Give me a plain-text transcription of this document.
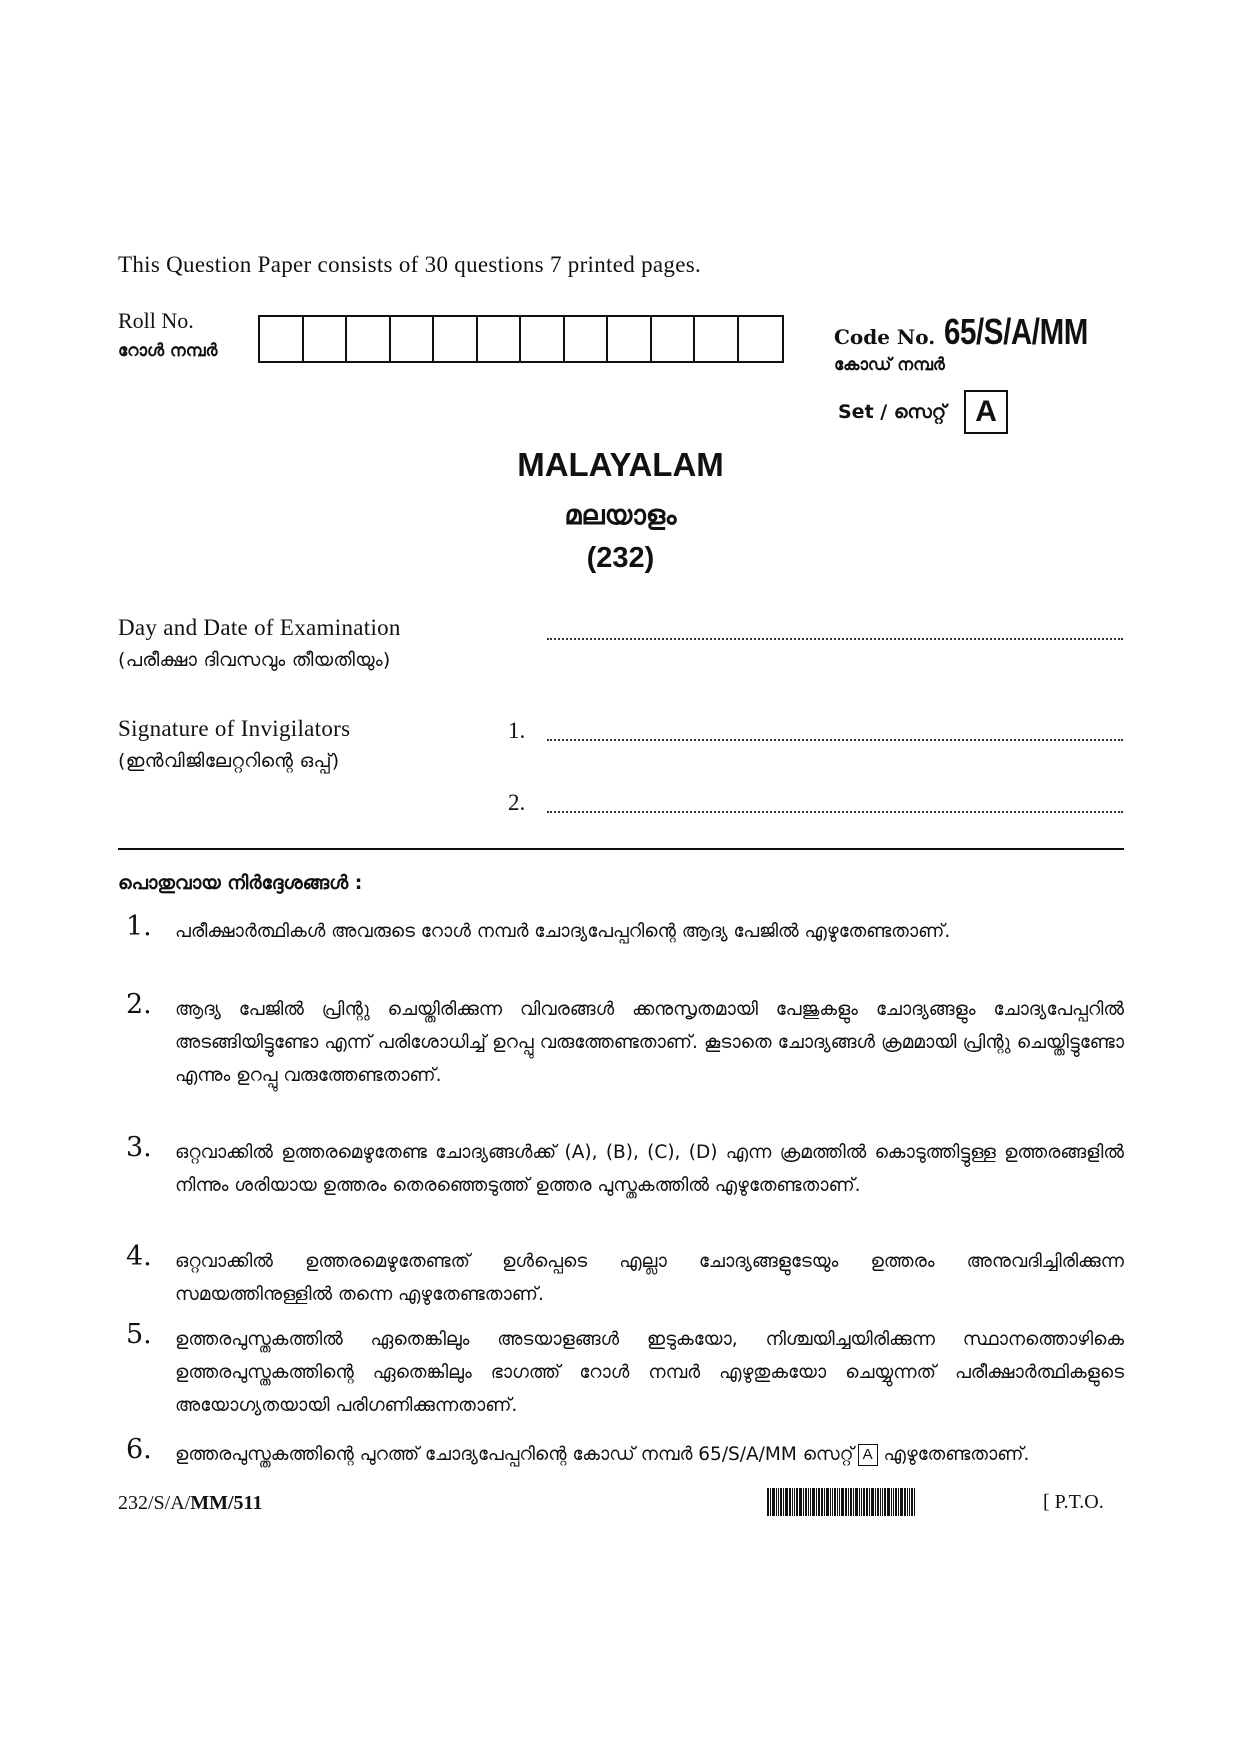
This Question Paper consists of 30 questions 7 printed pages.
Roll No.
റോൾ നമ്പർ
Code No. 65/S/A/MM
കോഡ് നമ്പർ
Set / സെറ്റ് A
MALAYALAM
മലയാളം
(232)
Day and Date of Examination
(പരീക്ഷാ ദിവസവും തീയതിയും)
Signature of Invigilators
(ഇൻവിജിലേറ്ററിന്റെ ഒപ്പ്)
1.
2.
പൊതുവായ നിർദ്ദേശങ്ങൾ :
1. പരീക്ഷാർത്ഥികൾ അവരുടെ റോൾ നമ്പർ ചോദ്യപേപ്പറിന്റെ ആദ്യ പേജിൽ എഴുതേണ്ടതാണ്.
2. ആദ്യ പേജിൽ പ്രിന്റു ചെയ്തിരിക്കുന്ന വിവരങ്ങൾ ക്കനുസൃതമായി പേജുകളും ചോദ്യങ്ങളും ചോദ്യപേപ്പറിൽ അടങ്ങിയിട്ടുണ്ടോ എന്ന് പരിശോധിച്ച് ഉറപ്പു വരുത്തേണ്ടതാണ്. കൂടാതെ ചോദ്യങ്ങൾ ക്രമമായി പ്രിന്റു ചെയ്തിട്ടുണ്ടോ എന്നും ഉറപ്പു വരുത്തേണ്ടതാണ്.
3. ഒറ്റവാക്കിൽ ഉത്തരമെഴുതേണ്ട ചോദ്യങ്ങൾക്ക് (A), (B), (C), (D) എന്ന ക്രമത്തിൽ കൊടുത്തിട്ടുള്ള ഉത്തരങ്ങളിൽ നിന്നും ശരിയായ ഉത്തരം തെരഞ്ഞെടുത്ത് ഉത്തര പുസ്തകത്തിൽ എഴുതേണ്ടതാണ്.
4. ഒറ്റവാക്കിൽ ഉത്തരമെഴുതേണ്ടത് ഉൾപ്പെടെ എല്ലാ ചോദ്യങ്ങളുടേയും ഉത്തരം അനുവദിച്ചിരിക്കുന്ന സമയത്തിനുള്ളിൽ തന്നെ എഴുതേണ്ടതാണ്.
5. ഉത്തരപുസ്തകത്തിൽ ഏതെങ്കിലും അടയാളങ്ങൾ ഇടുകയോ, നിശ്ചയിച്ചയിരിക്കുന്ന സ്ഥാനത്തൊഴികെ ഉത്തരപുസ്തകത്തിന്റെ ഏതെങ്കിലും ഭാഗത്ത് റോൾ നമ്പർ എഴുതുകയോ ചെയ്യുന്നത് പരീക്ഷാർത്ഥികളുടെ അയോഗ്യതയായി പരിഗണിക്കുന്നതാണ്.
6. ഉത്തരപുസ്തകത്തിന്റെ പുറത്ത് ചോദ്യപേപ്പറിന്റെ കോഡ് നമ്പർ 65/S/A/MM സെറ്റ് A എഴുതേണ്ടതാണ്.
232/S/A/MM/511	[ P.T.O.
